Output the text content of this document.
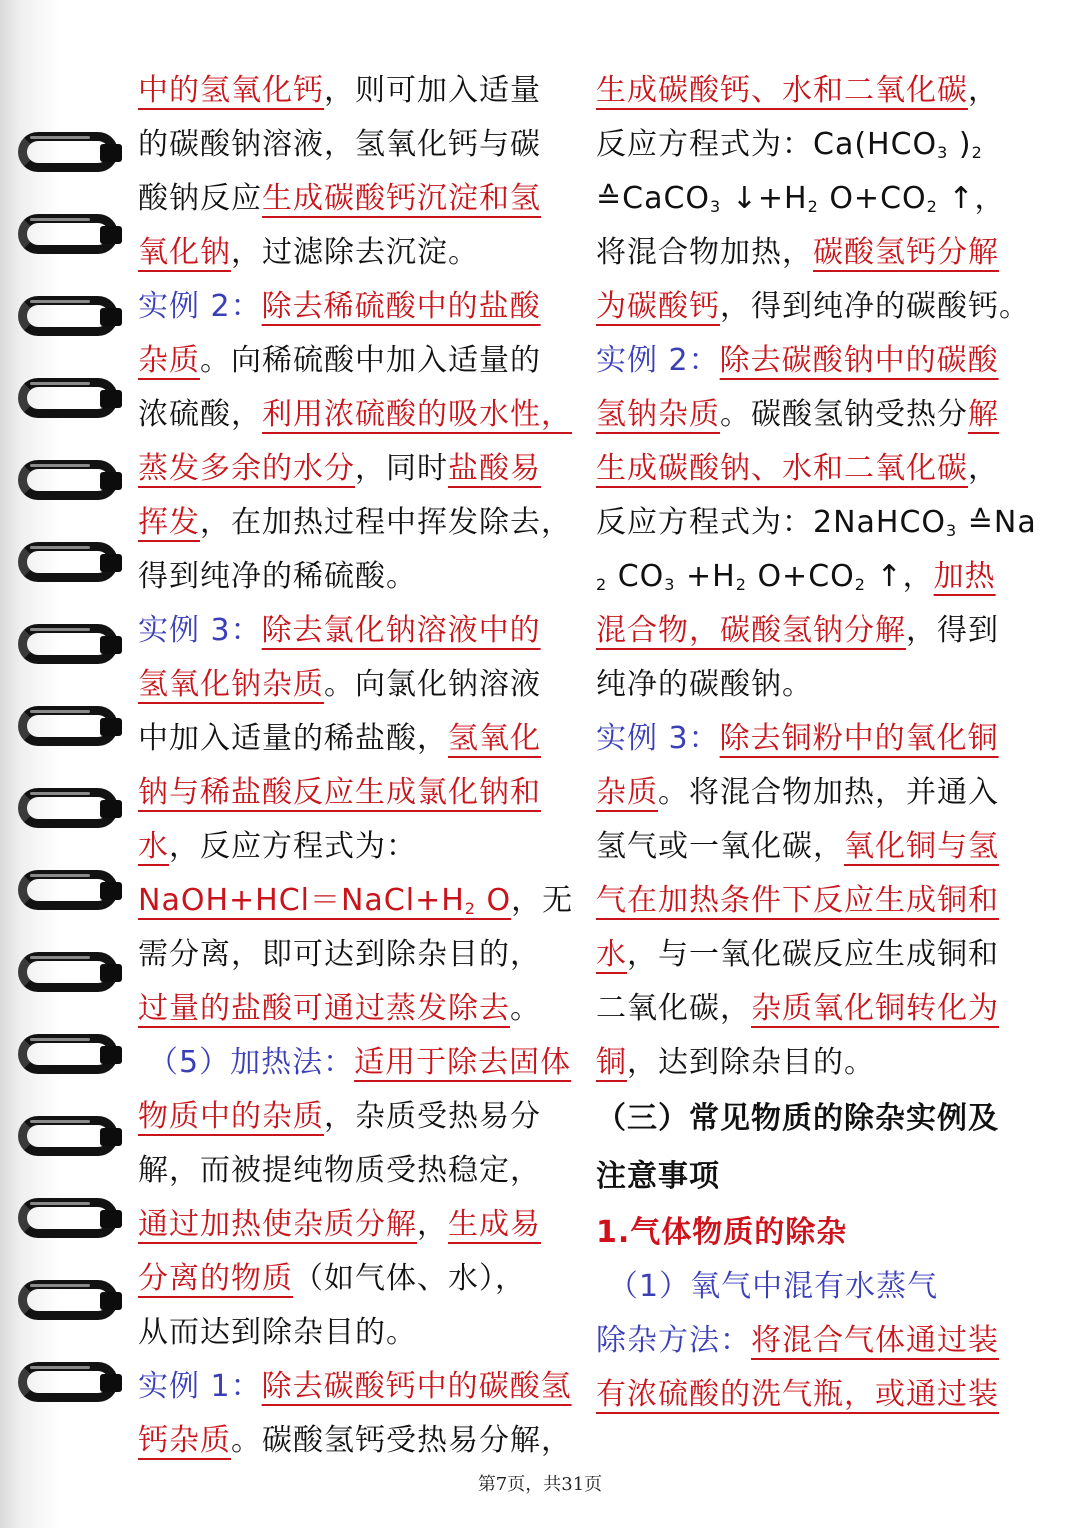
中的氢氧化钙，则可加入适量
的碳酸钠溶液，氢氧化钙与碳
酸钠反应生成碳酸钙沉淀和氢
氧化钠，过滤除去沉淀。
实例 2：除去稀硫酸中的盐酸
杂质。向稀硫酸中加入适量的
浓硫酸，利用浓硫酸的吸水性，
蒸发多余的水分，同时盐酸易
挥发，在加热过程中挥发除去，
得到纯净的稀硫酸。
实例 3：除去氯化钠溶液中的
氢氧化钠杂质。向氯化钠溶液
中加入适量的稀盐酸，氢氧化
钠与稀盐酸反应生成氯化钠和
水，反应方程式为：
$NaOH+HCl=NaCl+H_2$ O，无
需分离，即可达到除杂目的，
过量的盐酸可通过蒸发除去。
（5）加热法：适用于除去固体
物质中的杂质，杂质受热易分
解，而被提纯物质受热稳定，
通过加热使杂质分解，生成易
分离的物质（如气体、水），
从而达到除杂目的。
实例 1：除去碳酸钙中的碳酸氢
钙杂质。碳酸氢钙受热易分解，
生成碳酸钙、水和二氧化碳，
反应方程式为：$Ca(HCO_3$ )$_2$
≙CaCO$_3$ $↓+H_2$ $O+CO_2$ ↑，
将混合物加热，碳酸氢钙分解
为碳酸钙，得到纯净的碳酸钙。
实例 2：除去碳酸钠中的碳酸
氢钠杂质。碳酸氢钠受热分解
生成碳酸钠、水和二氧化碳，
反应方程式为：2NaHCO$_3$ ≙Na
$_2$ $CO_3 +H_2$ $O+CO_2$ ↑，加热
混合物，碳酸氢钠分解，得到
纯净的碳酸钠。
实例 3：除去铜粉中的氧化铜
杂质。将混合物加热，并通入
氢气或一氧化碳，氧化铜与氢
气在加热条件下反应生成铜和
水，与一氧化碳反应生成铜和
二氧化碳，杂质氧化铜转化为
铜，达到除杂目的。
（三）常见物质的除杂实例及
注意事项
1.气体物质的除杂
（1）氧气中混有水蒸气
除杂方法：将混合气体通过装
有浓硫酸的洗气瓶，或通过装
第7页，共31页
